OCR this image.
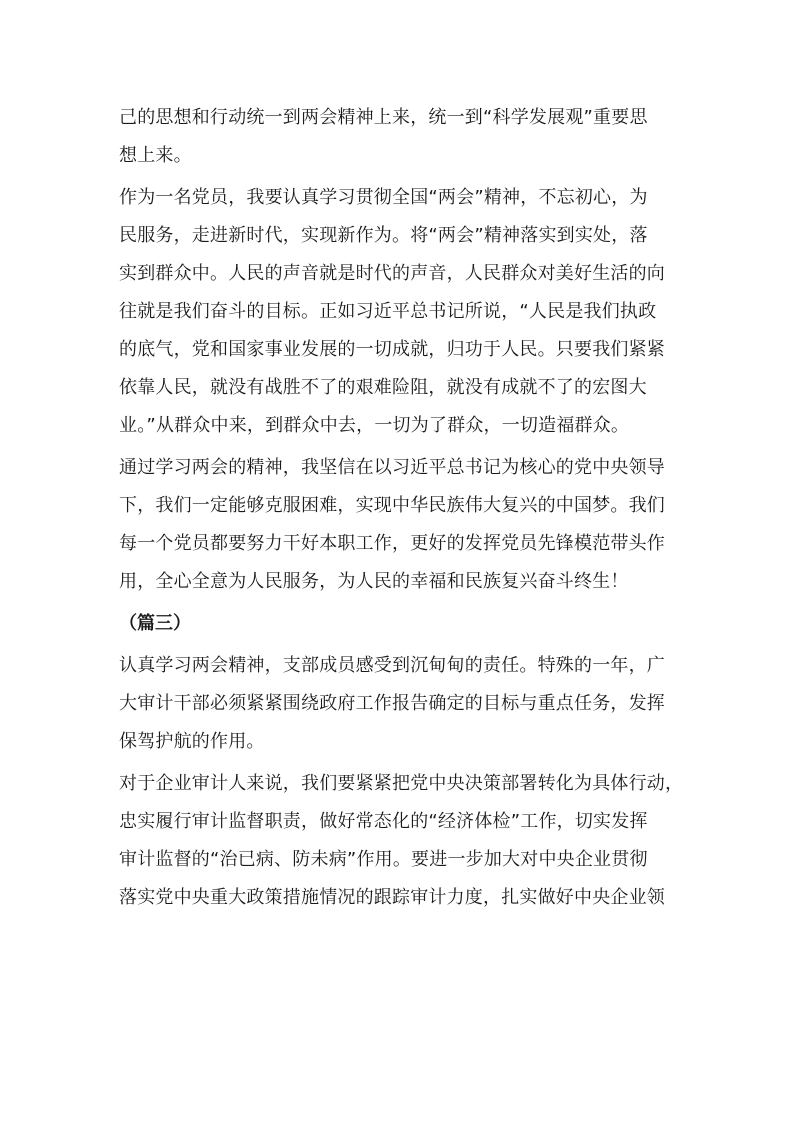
己的思想和行动统一到两会精神上来，统一到“科学发展观”重要思
想上来。
作为一名党员，我要认真学习贯彻全国“两会”精神，不忘初心，为
民服务，走进新时代，实现新作为。将“两会”精神落实到实处，落
实到群众中。人民的声音就是时代的声音，人民群众对美好生活的向
往就是我们奋斗的目标。正如习近平总书记所说，“人民是我们执政
的底气，党和国家事业发展的一切成就，归功于人民。只要我们紧紧
依靠人民，就没有战胜不了的艰难险阻，就没有成就不了的宏图大
业。”从群众中来，到群众中去，一切为了群众，一切造福群众。
通过学习两会的精神，我坚信在以习近平总书记为核心的党中央领导
下，我们一定能够克服困难，实现中华民族伟大复兴的中国梦。我们
每一个党员都要努力干好本职工作，更好的发挥党员先锋模范带头作
用，全心全意为人民服务，为人民的幸福和民族复兴奋斗终生！
（篇三）
认真学习两会精神，支部成员感受到沉甸甸的责任。特殊的一年，广
大审计干部必须紧紧围绕政府工作报告确定的目标与重点任务，发挥
保驾护航的作用。
对于企业审计人来说，我们要紧紧把党中央决策部署转化为具体行动，
忠实履行审计监督职责，做好常态化的“经济体检”工作，切实发挥
审计监督的“治已病、防未病”作用。要进一步加大对中央企业贯彻
落实党中央重大政策措施情况的跟踪审计力度，扎实做好中央企业领
